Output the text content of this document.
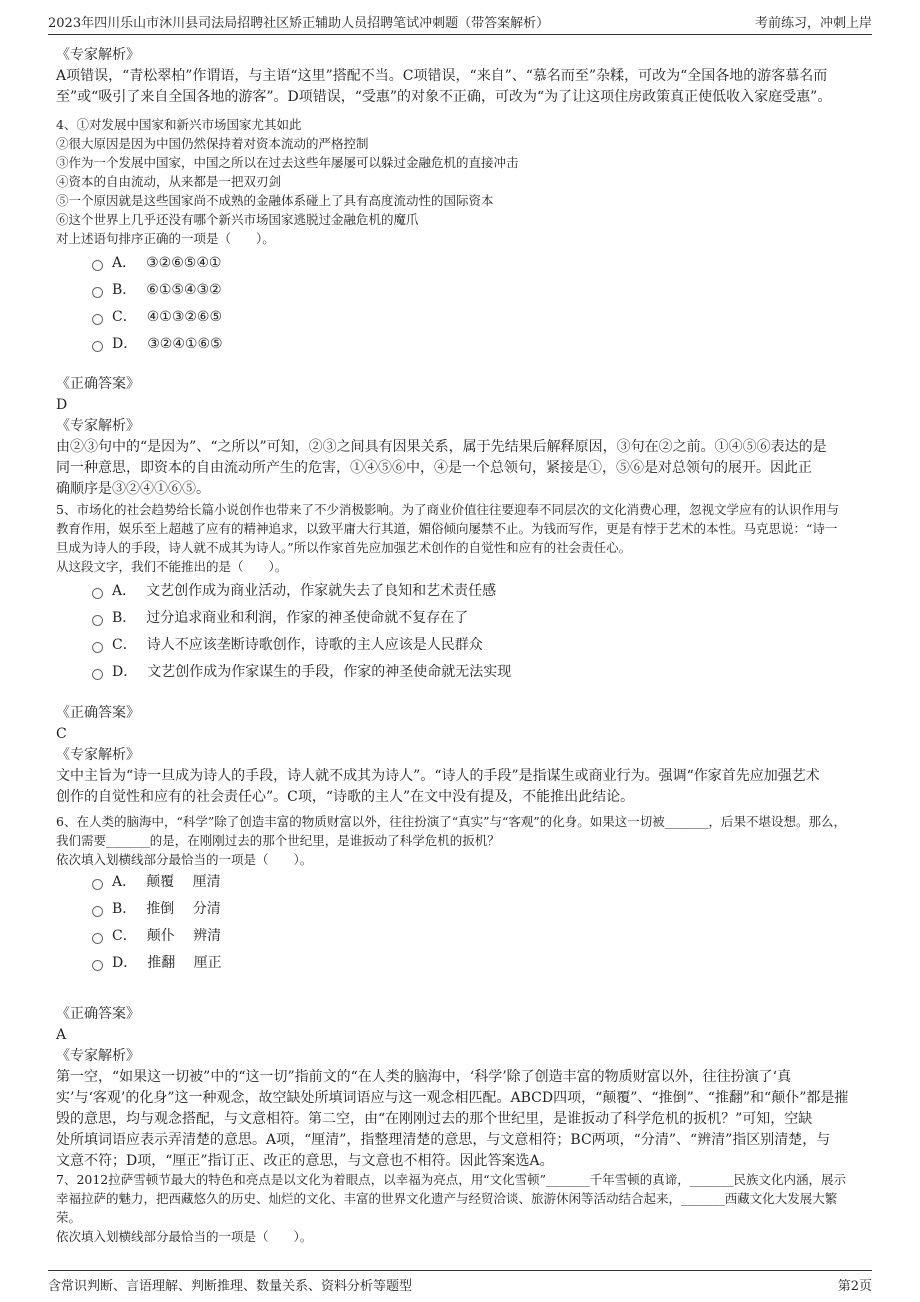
2023年四川乐山市沐川县司法局招聘社区矫正辅助人员招聘笔试冲刺题（带答案解析）	考前练习，冲刺上岸
《专家解析》
A项错误，“青松翠柏”作谓语，与主语“这里”搭配不当。C项错误，“来自”、“慕名而至”杂糅，可改为“全国各地的游客慕名而
至”或“吸引了来自全国各地的游客”。D项错误，“受惠”的对象不正确，可改为“为了让这项住房政策真正使低收入家庭受惠”。
4、①对发展中国家和新兴市场国家尤其如此
②很大原因是因为中国仍然保持着对资本流动的严格控制
③作为一个发展中国家，中国之所以在过去这些年屡屡可以躲过金融危机的直接冲击
④资本的自由流动，从来都是一把双刃剑
⑤一个原因就是这些国家尚不成熟的金融体系碰上了具有高度流动性的国际资本
⑥这个世界上几乎还没有哪个新兴市场国家逃脱过金融危机的魔爪
对上述语句排序正确的一项是（　　）。
A． ③②⑥⑤④①
B． ⑥①⑤④③②
C． ④①③②⑥⑤
D． ③②④①⑥⑤
《正确答案》
D
《专家解析》
由②③句中的“是因为”、“之所以”可知，②③之间具有因果关系，属于先结果后解释原因，③句在②之前。①④⑤⑥表达的是
同一种意思，即资本的自由流动所产生的危害，①④⑤⑥中，④是一个总领句，紧接是①，⑤⑥是对总领句的展开。因此正
确顺序是③②④①⑥⑤。
5、市场化的社会趋势给长篇小说创作也带来了不少消极影响。为了商业价值往往要迎奉不同层次的文化消费心理，忽视文学应有的认识作用与
教育作用，娱乐至上超越了应有的精神追求，以致平庸大行其道，媚俗倾向屡禁不止。为钱而写作，更是有悖于艺术的本性。马克思说：“诗一
旦成为诗人的手段，诗人就不成其为诗人。”所以作家首先应加强艺术创作的自觉性和应有的社会责任心。
从这段文字，我们不能推出的是（　　）。
A． 文艺创作成为商业活动，作家就失去了良知和艺术责任感
B． 过分追求商业和利润，作家的神圣使命就不复存在了
C． 诗人不应该垄断诗歌创作，诗歌的主人应该是人民群众
D． 文艺创作成为作家谋生的手段，作家的神圣使命就无法实现
《正确答案》
C
《专家解析》
文中主旨为“诗一旦成为诗人的手段，诗人就不成其为诗人”。“诗人的手段”是指谋生或商业行为。强调“作家首先应加强艺术
创作的自觉性和应有的社会责任心”。C项，“诗歌的主人”在文中没有提及，不能推出此结论。
6、在人类的脑海中，“科学”除了创造丰富的物质财富以外，往往扮演了“真实”与“客观”的化身。如果这一切被_______，后果不堪设想。那么，
我们需要_______的是，在刚刚过去的那个世纪里，是谁扳动了科学危机的扳机？
依次填入划横线部分最恰当的一项是（　　）。
A． 颠覆　 厘清
B． 推倒　 分清
C． 颠仆　 辨清
D． 推翻　 厘正
《正确答案》
A
《专家解析》
第一空，“如果这一切被”中的“这一切”指前文的“在人类的脑海中，‘科学’除了创造丰富的物质财富以外，往往扮演了‘真
实’与‘客观’的化身”这一种观念，故空缺处所填词语应与这一观念相匹配。ABCD四项，“颠覆”、“推倒”、“推翻”和“颠仆”都是摧
毁的意思，均与观念搭配，与文意相符。第二空，由“在刚刚过去的那个世纪里，是谁扳动了科学危机的扳机？”可知，空缺
处所填词语应表示弄清楚的意思。A项，“厘清”，指整理清楚的意思，与文意相符；BC两项，“分清”、“辨清”指区别清楚，与
文意不符；D项，“厘正”指订正、改正的意思，与文意也不相符。因此答案选A。
7、2012拉萨雪顿节最大的特色和亮点是以文化为着眼点，以幸福为亮点，用“文化雪顿”_______千年雪顿的真谛，_______民族文化内涵，展示
幸福拉萨的魅力，把西藏悠久的历史、灿烂的文化、丰富的世界文化遗产与经贸洽谈、旅游休闲等活动结合起来，_______西藏文化大发展大繁
荣。
依次填入划横线部分最恰当的一项是（　　）。
含常识判断、言语理解、判断推理、数量关系、资料分析等题型	第2页
